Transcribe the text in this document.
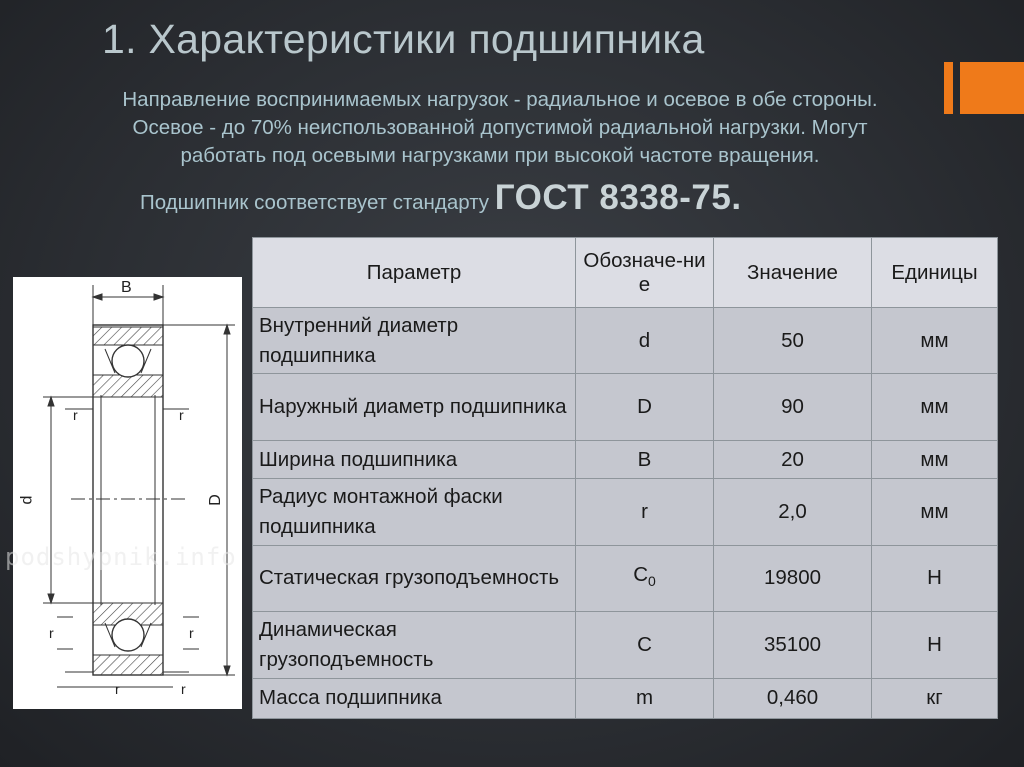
1. Характеристики подшипника
Направление воспринимаемых нагрузок - радиальное и осевое в обе стороны.
Осевое - до 70% неиспользованной допустимой радиальной нагрузки. Могут
работать под осевыми нагрузками при высокой частоте вращения.
Подшипник соответствует стандарту ГОСТ 8338-75.
B
d	D
r	r
r	r
r	r
podshypnik.info
Параметр	Обозначе-ние	Значение	Единицы
Внутренний диаметр подшипника	d	50	мм
Наружный диаметр подшипника	D	90	мм
Ширина подшипника	B	20	мм
Радиус монтажной фаски подшипника	r	2,0	мм
Статическая грузоподъемность	$C_0$	19800	Н
Динамическая грузоподъемность	C	35100	Н
Масса подшипника	m	0,460	кг
